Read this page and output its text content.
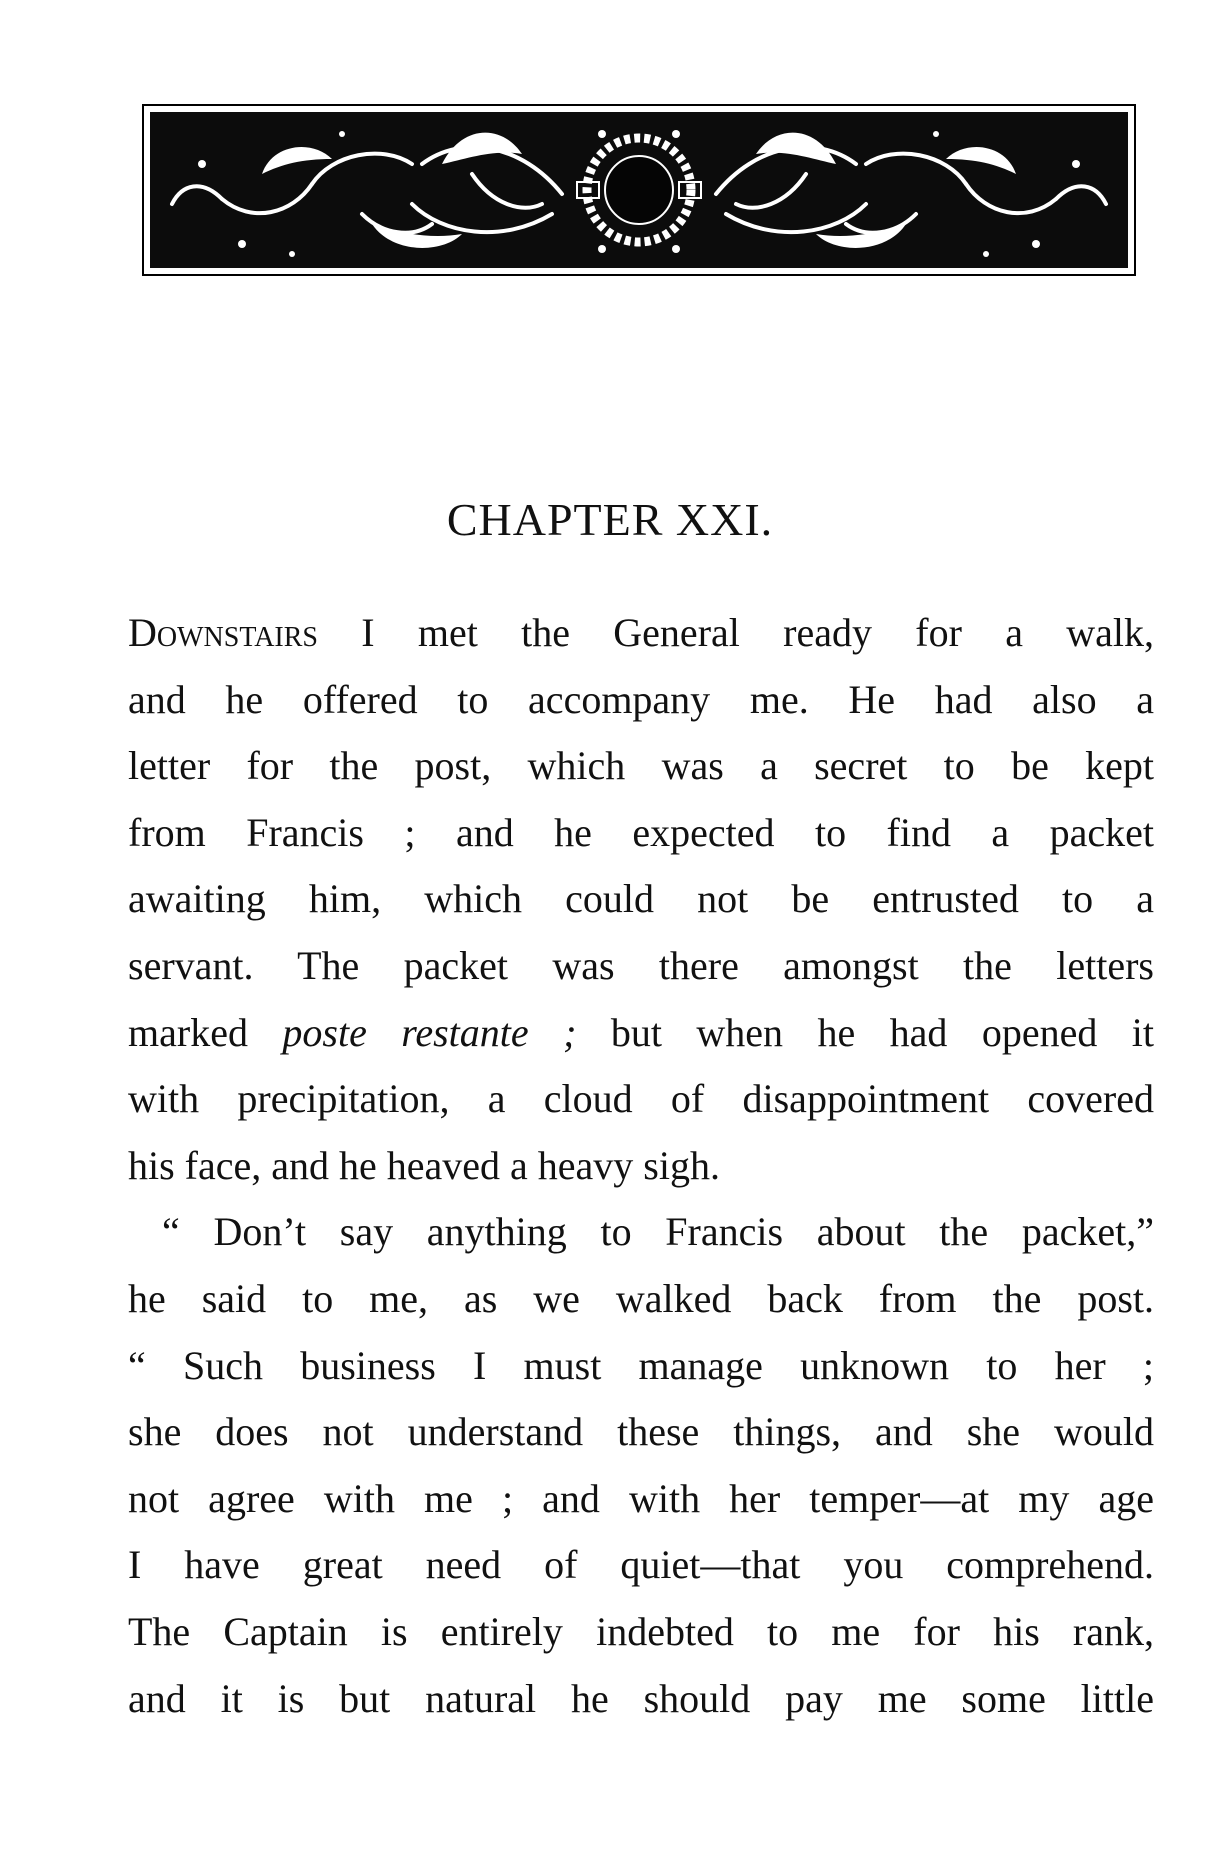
CHAPTER XXI.
Downstairs I met the General ready for a walk,
and he offered to accompany me. He had also a
letter for the post, which was a secret to be kept
from Francis ; and he expected to find a packet
awaiting him, which could not be entrusted to a
servant. The packet was there amongst the letters
marked poste restante ; but when he had opened it
with precipitation, a cloud of disappointment covered
his face, and he heaved a heavy sigh.
“ Don’t say anything to Francis about the packet,”
he said to me, as we walked back from the post.
“ Such business I must manage unknown to her ;
she does not understand these things, and she would
not agree with me ; and with her temper—at my age
I have great need of quiet—that you comprehend.
The Captain is entirely indebted to me for his rank,
and it is but natural he should pay me some little
